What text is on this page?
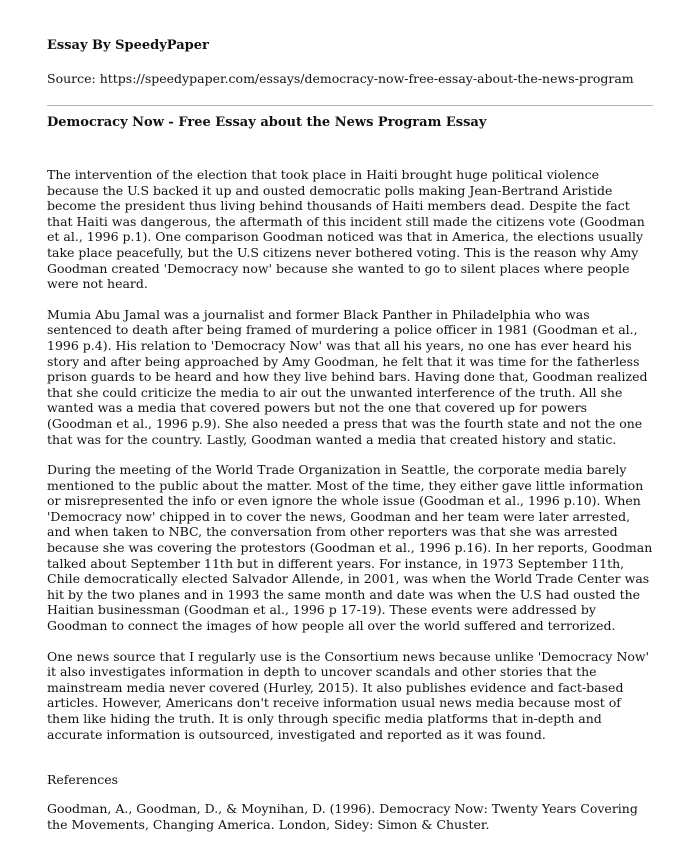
Essay By SpeedyPaper

Source: https://speedypaper.com/essays/democracy-now-free-essay-about-the-news-program

Democracy Now - Free Essay about the News Program Essay

The intervention of the election that took place in Haiti brought huge political violence because the U.S backed it up and ousted democratic polls making Jean-Bertrand Aristide become the president thus living behind thousands of Haiti members dead. Despite the fact that Haiti was dangerous, the aftermath of this incident still made the citizens vote (Goodman et al., 1996 p.1). One comparison Goodman noticed was that in America, the elections usually take place peacefully, but the U.S citizens never bothered voting. This is the reason why Amy Goodman created 'Democracy now' because she wanted to go to silent places where people were not heard.

Mumia Abu Jamal was a journalist and former Black Panther in Philadelphia who was sentenced to death after being framed of murdering a police officer in 1981 (Goodman et al., 1996 p.4). His relation to 'Democracy Now' was that all his years, no one has ever heard his story and after being approached by Amy Goodman, he felt that it was time for the fatherless prison guards to be heard and how they live behind bars. Having done that, Goodman realized that she could criticize the media to air out the unwanted interference of the truth. All she wanted was a media that covered powers but not the one that covered up for powers (Goodman et al., 1996 p.9). She also needed a press that was the fourth state and not the one that was for the country. Lastly, Goodman wanted a media that created history and static.

During the meeting of the World Trade Organization in Seattle, the corporate media barely mentioned to the public about the matter. Most of the time, they either gave little information or misrepresented the info or even ignore the whole issue (Goodman et al., 1996 p.10). When 'Democracy now' chipped in to cover the news, Goodman and her team were later arrested, and when taken to NBC, the conversation from other reporters was that she was arrested because she was covering the protestors (Goodman et al., 1996 p.16). In her reports, Goodman talked about September 11th but in different years. For instance, in 1973 September 11th, Chile democratically elected Salvador Allende, in 2001, was when the World Trade Center was hit by the two planes and in 1993 the same month and date was when the U.S had ousted the Haitian businessman (Goodman et al., 1996 p 17-19). These events were addressed by Goodman to connect the images of how people all over the world suffered and terrorized.

One news source that I regularly use is the Consortium news because unlike 'Democracy Now' it also investigates information in depth to uncover scandals and other stories that the mainstream media never covered (Hurley, 2015). It also publishes evidence and fact-based articles. However, Americans don't receive information usual news media because most of them like hiding the truth. It is only through specific media platforms that in-depth and accurate information is outsourced, investigated and reported as it was found.

References

Goodman, A., Goodman, D., & Moynihan, D. (1996). Democracy Now: Twenty Years Covering the Movements, Changing America. London, Sidey: Simon & Chuster.
